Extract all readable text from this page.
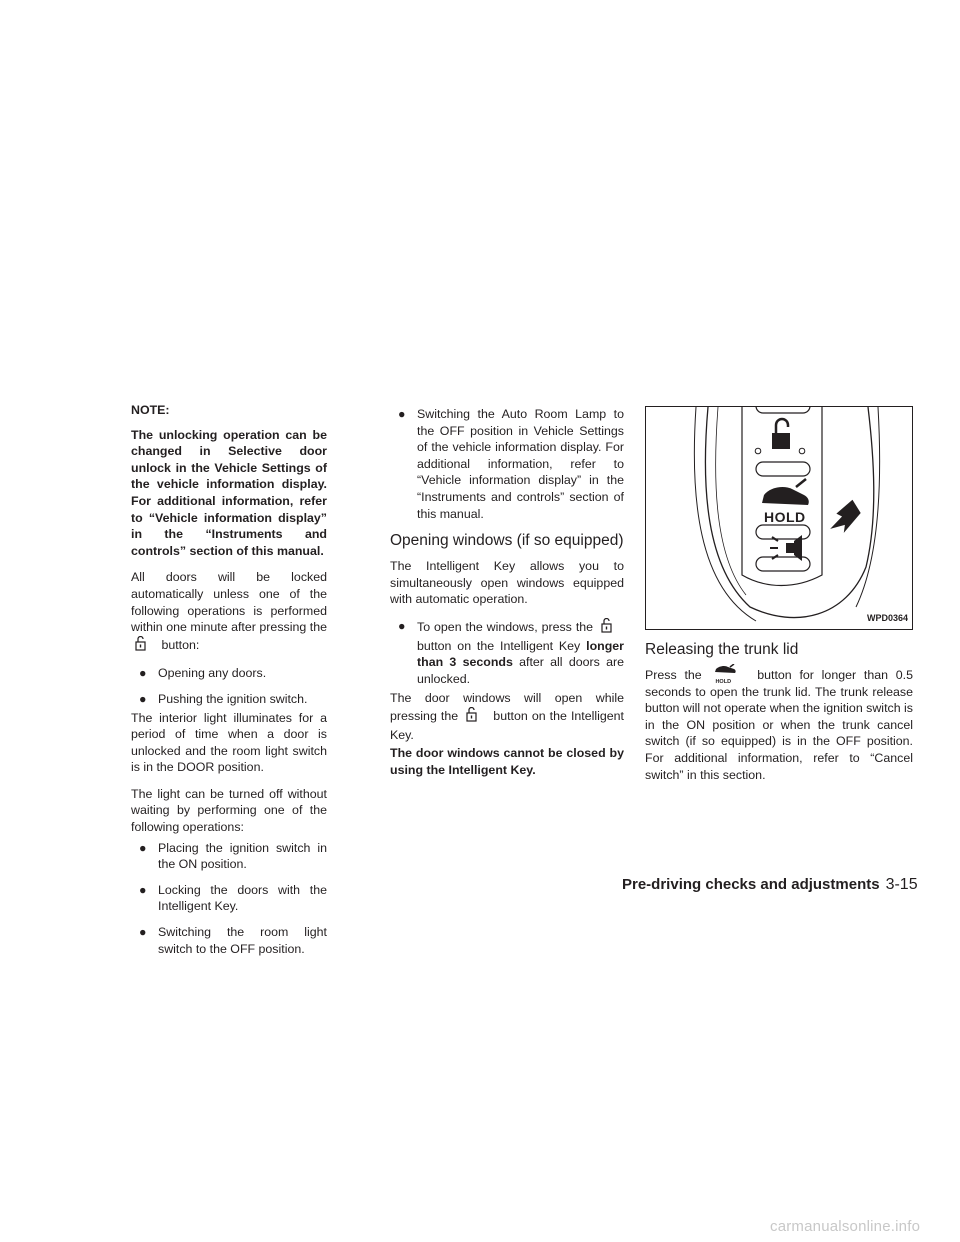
NOTE:

The unlocking operation can be changed in Selective door unlock in the Vehicle Settings of the vehicle information display. For additional information, refer to “Vehicle information display” in the “Instruments and controls” section of this manual.

All doors will be locked automatically unless one of the following operations is performed within one minute after pressing the  button:

● Opening any doors.
● Pushing the ignition switch.

The interior light illuminates for a period of time when a door is unlocked and the room light switch is in the DOOR position.

The light can be turned off without waiting by performing one of the following operations:

● Placing the ignition switch in the ON position.
● Locking the doors with the Intelligent Key.
● Switching the room light switch to the OFF position.
● Switching the Auto Room Lamp to the OFF position in Vehicle Settings of the vehicle information display. For additional information, refer to “Vehicle information display” in the “Instruments and controls” section of this manual.
Opening windows (if so equipped)

The Intelligent Key allows you to simultaneously open windows equipped with automatic operation.

● To open the windows, press the  button on the Intelligent Key longer than 3 seconds after all doors are unlocked.

The door windows will open while pressing the	button on the Intelligent Key.

The door windows cannot be closed by using the Intelligent Key.

HOLD
WPD0364
Releasing the trunk lid

Press the	HOLD button for longer than 0.5 seconds to open the trunk lid. The trunk release button will not operate when the ignition switch is in the ON position or when the trunk cancel switch (if so equipped) is in the OFF position. For additional information, refer to “Cancel switch” in this section.

Pre-driving checks and adjustments 3-15
carmanualsonline.info
